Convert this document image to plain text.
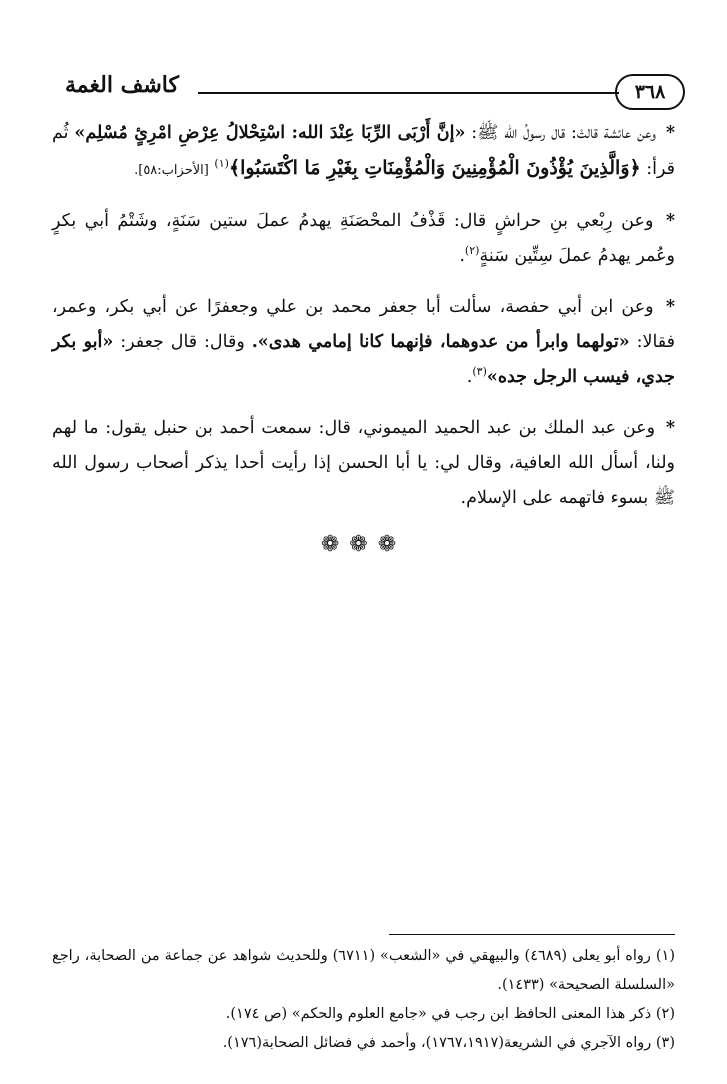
٣٦٨
كاشف الغمة

* وعن عائشة قالتْ: قال رسولُ الله ﷺ: «إنَّ أَرْبَى الرِّبَا عِنْدَ الله: اسْتِحْلالُ عِرْضِ امْرِئٍ مُسْلِم» ثُم قرأ: ﴿وَالَّذِينَ يُؤْذُونَ الْمُؤْمِنِينَ وَالْمُؤْمِنَاتِ بِغَيْرِ مَا اكْتَسَبُوا﴾$^{(١)}$ [الأحزاب:٥٨].

* وعن رِبْعي بنِ حراشٍ قال: قَذْفُ المحْصَنَةِ يهدمُ عملَ ستين سَنَةٍ، وشَتْمُ أبي بكرٍ وعُمر يهدمُ عملَ سِتِّين سَنةٍ$^{(٢)}$.

* وعن ابن أبي حفصة، سألت أبا جعفر محمد بن علي وجعفرًا عن أبي بكر، وعمر، فقالا: «تولهما وابرأ من عدوهما، فإنهما كانا إمامي هدى». وقال: قال جعفر: «أبو بكر جدي، فيسب الرجل جده»$^{(٣)}$.

* وعن عبد الملك بن عبد الحميد الميموني، قال: سمعت أحمد بن حنبل يقول: ما لهم ولنا، أسأل الله العافية، وقال لي: يا أبا الحسن إذا رأيت أحدا يذكر أصحاب رسول الله ﷺ بسوء فاتهمه على الإسلام.

❁❁❁

(١) رواه أبو يعلى (٤٦٨٩) والبيهقي في «الشعب» (٦٧١١) وللحديث شواهد عن جماعة من الصحابة، راجع «السلسلة الصحيحة» (١٤٣٣).

(٢) ذكر هذا المعنى الحافظ ابن رجب في «جامع العلوم والحكم» (ص ١٧٤).

(٣) رواه الآجري في الشريعة(١٧٦٧،١٩١٧)، وأحمد في فضائل الصحابة(١٧٦).
